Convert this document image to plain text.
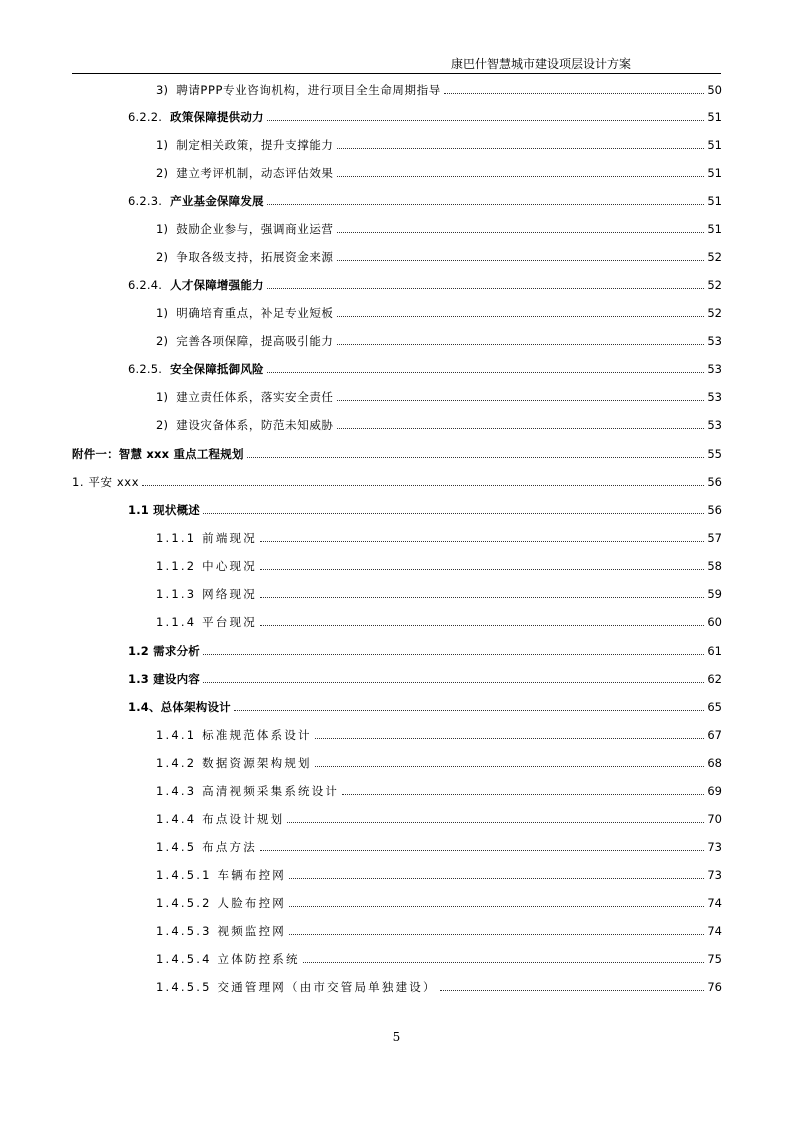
康巴什智慧城市建设项层设计方案
3) 聘请PPP专业咨询机构，进行项目全生命周期指导	50
6.2.2. 政策保障提供动力	51
1) 制定相关政策，提升支撑能力	51
2) 建立考评机制，动态评估效果	51
6.2.3. 产业基金保障发展	51
1) 鼓励企业参与，强调商业运营	51
2) 争取各级支持，拓展资金来源	52
6.2.4. 人才保障增强能力	52
1) 明确培育重点，补足专业短板	52
2) 完善各项保障，提高吸引能力	53
6.2.5. 安全保障抵御风险	53
1) 建立责任体系，落实安全责任	53
2) 建设灾备体系，防范未知威胁	53
附件一：智慧 xxx 重点工程规划	55
1. 平安 xxx	56
1.1 现状概述	56
1.1.1 前端现况	57
1.1.2 中心现况	58
1.1.3 网络现况	59
1.1.4 平台现况	60
1.2 需求分析	61
1.3 建设内容	62
1.4、总体架构设计	65
1.4.1 标准规范体系设计	67
1.4.2 数据资源架构规划	68
1.4.3 高清视频采集系统设计	69
1.4.4 布点设计规划	70
1.4.5 布点方法	73
1.4.5.1 车辆布控网	73
1.4.5.2 人脸布控网	74
1.4.5.3 视频监控网	74
1.4.5.4 立体防控系统	75
1.4.5.5 交通管理网（由市交管局单独建设）	76
5
